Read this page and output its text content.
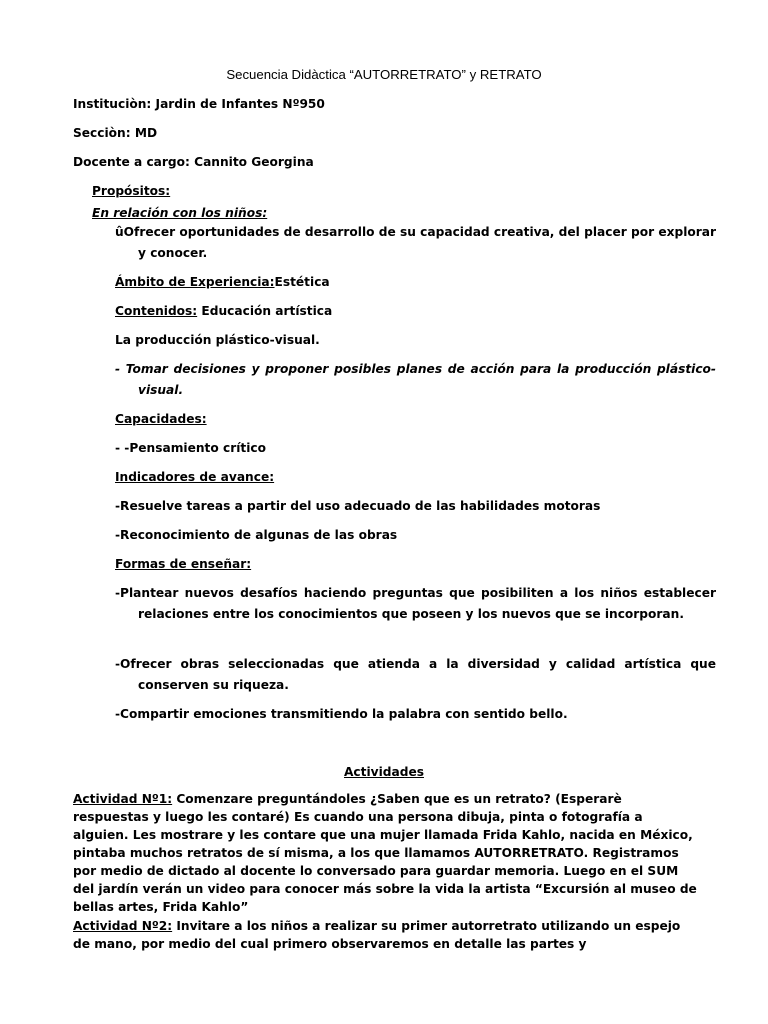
Secuencia Didàctica “AUTORRETRATO” y RETRATO
Instituciòn: Jardin de Infantes Nº950
Secciòn: MD
Docente a cargo: Cannito Georgina
Propósitos:
En relación con los niños:
ûOfrecer oportunidades de desarrollo de su capacidad creativa, del placer por explorar y conocer.
Ámbito de Experiencia:Estética
Contenidos: Educación artística
La producción plástico-visual.
- Tomar decisiones y proponer posibles planes de acción para la producción plástico-visual.
Capacidades:
- -Pensamiento crítico
Indicadores de avance:
-Resuelve tareas a partir del uso adecuado de las habilidades motoras
-Reconocimiento de algunas de las obras
Formas de enseñar:
-Plantear nuevos desafíos haciendo preguntas que posibiliten a los niños establecer relaciones entre los conocimientos que poseen y los nuevos que se incorporan.
-Ofrecer obras seleccionadas que atienda a la diversidad y calidad artística que conserven su riqueza.
-Compartir emociones transmitiendo la palabra con sentido bello.
Actividades
Actividad Nº1: Comenzare preguntándoles ¿Saben que es un retrato? (Esperarè respuestas y luego les contaré) Es cuando una persona dibuja, pinta o fotografía a alguien. Les mostrare y les contare que una mujer llamada Frida Kahlo, nacida en México, pintaba muchos retratos de sí misma, a los que llamamos AUTORRETRATO. Registramos por medio de dictado al docente lo conversado para guardar memoria. Luego en el SUM del jardín verán un video para conocer más sobre la vida la artista “Excursión al museo de bellas artes, Frida Kahlo”
Actividad Nº2: Invitare a los niños a realizar su primer autorretrato utilizando un espejo de mano, por medio del cual primero observaremos en detalle las partes y
